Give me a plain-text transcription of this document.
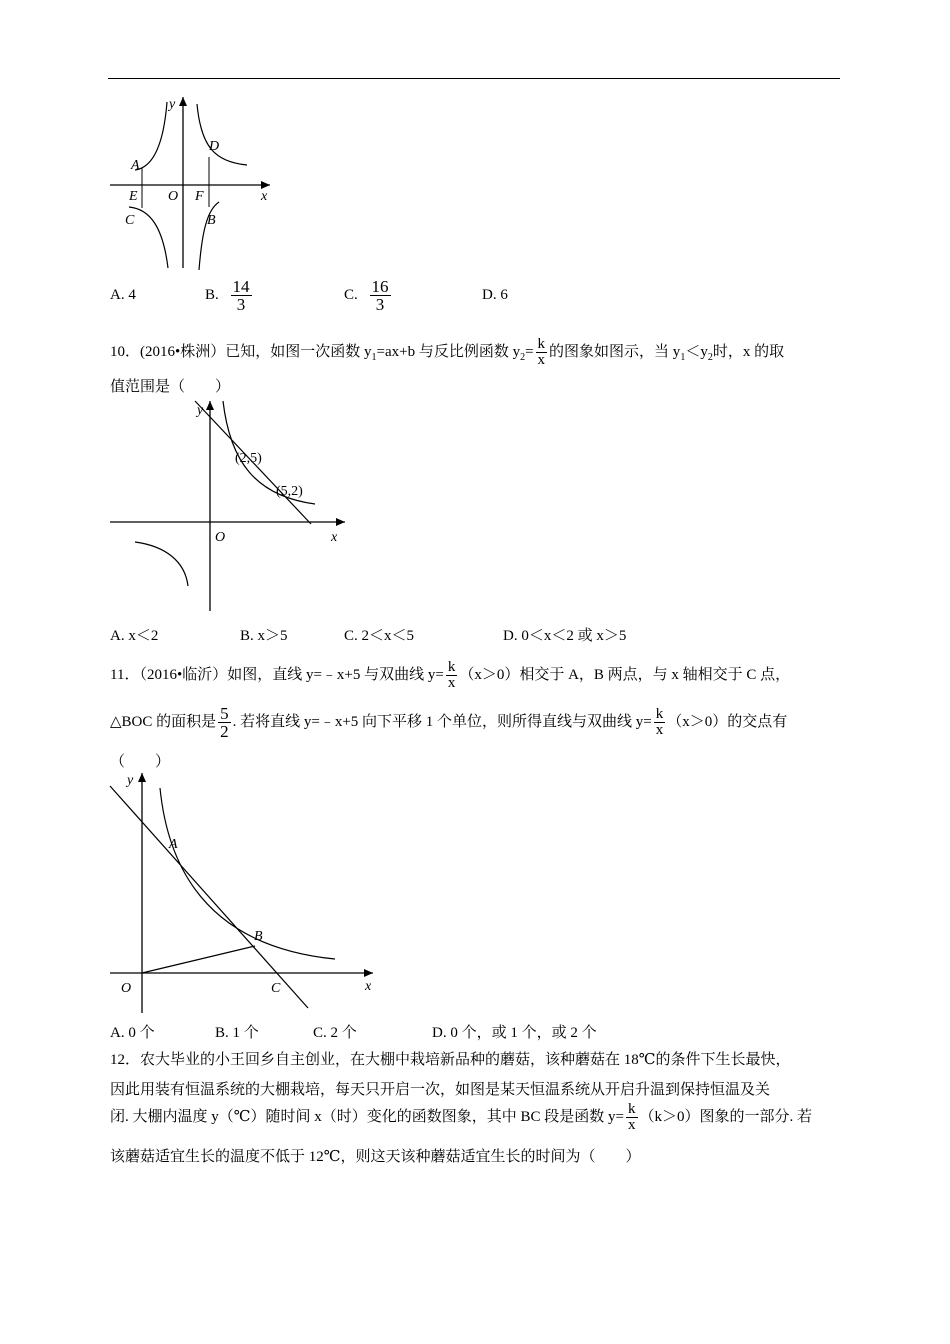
y
x
O
A
D
E	F
C	B
A. 4	B. $\frac{14}{3}$	C. $\frac{16}{3}$	D. 6
10．(2016•株洲）已知，如图一次函数 $y_1=ax+b$ 与反比例函数 $y_2= \frac{k}{x}$ 的图象如图示，当 $y_1<y_2$时，x 的取
值范围是（　　）
y
x
O
(2,5)
(5,2)
A. x＜2	B. x＞5	C. 2＜x＜5	D. 0＜x＜2 或 x＞5
11．（2016•临沂）如图，直线 y=﹣x+5 与双曲线 $y= \frac{k}{x} (x>0)$相交于 A，B 两点，与 x 轴相交于 C 点，
△BOC 的面积是 $\frac{5}{2}$ . 若将直线 y=﹣x+5 向下平移 1 个单位，则所得直线与双曲线 $y= \frac{k}{x} (x>0)$的交点有
（　　）
y
x
O
A
B
C
A. 0 个	B. 1 个	C. 2 个	D. 0 个，或 1 个，或 2 个
12．农大毕业的小王回乡自主创业，在大棚中栽培新品种的蘑菇，该种蘑菇在 18℃的条件下生长最快，
因此用装有恒温系统的大棚栽培，每天只开启一次，如图是某天恒温系统从开启升温到保持恒温及关
闭. 大棚内温度 y（℃）随时间 x（时）变化的函数图象，其中 BC 段是函数 $y= \frac{k}{x} (k>0)$图象的一部分. 若
该蘑菇适宜生长的温度不低于 12℃，则这天该种蘑菇适宜生长的时间为（　　）
